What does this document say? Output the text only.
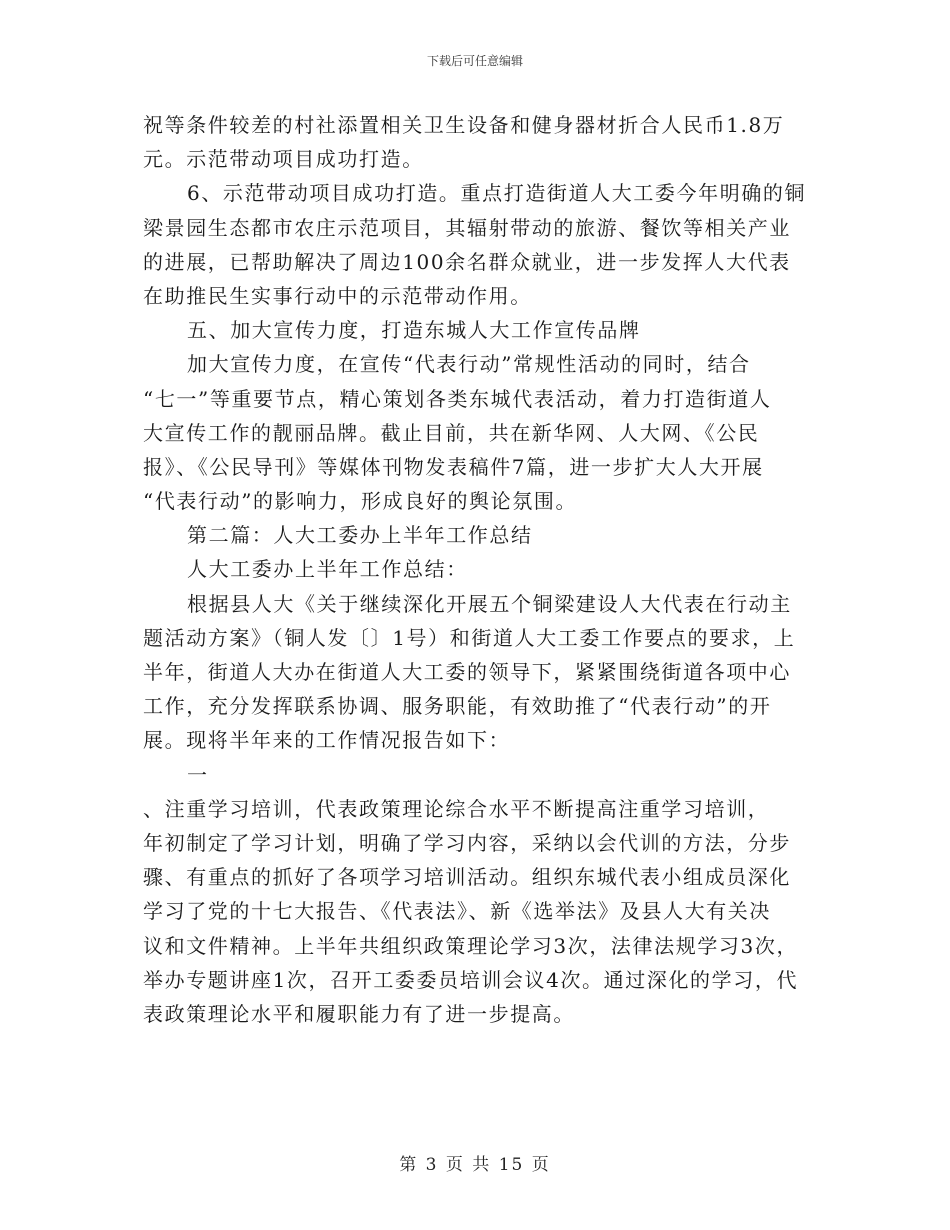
下载后可任意编辑
祝等条件较差的村社添置相关卫生设备和健身器材折合人民币1.8万
元。示范带动项目成功打造。
6、示范带动项目成功打造。重点打造街道人大工委今年明确的铜
梁景园生态都市农庄示范项目，其辐射带动的旅游、餐饮等相关产业
的进展，已帮助解决了周边100余名群众就业，进一步发挥人大代表
在助推民生实事行动中的示范带动作用。
五、加大宣传力度，打造东城人大工作宣传品牌
加大宣传力度，在宣传“代表行动”常规性活动的同时，结合
“七一”等重要节点，精心策划各类东城代表活动，着力打造街道人
大宣传工作的靓丽品牌。截止目前，共在新华网、人大网、《公民
报》、《公民导刊》等媒体刊物发表稿件7篇，进一步扩大人大开展
“代表行动”的影响力，形成良好的舆论氛围。
第二篇：人大工委办上半年工作总结
人大工委办上半年工作总结：
根据县人大《关于继续深化开展五个铜梁建设人大代表在行动主
题活动方案》（铜人发〔〕1号）和街道人大工委工作要点的要求，上
半年，街道人大办在街道人大工委的领导下，紧紧围绕街道各项中心
工作，充分发挥联系协调、服务职能，有效助推了“代表行动”的开
展。现将半年来的工作情况报告如下：
一
、注重学习培训，代表政策理论综合水平不断提高注重学习培训，
年初制定了学习计划，明确了学习内容，采纳以会代训的方法，分步
骤、有重点的抓好了各项学习培训活动。组织东城代表小组成员深化
学习了党的十七大报告、《代表法》、新《选举法》及县人大有关决
议和文件精神。上半年共组织政策理论学习3次，法律法规学习3次，
举办专题讲座1次，召开工委委员培训会议4次。通过深化的学习，代
表政策理论水平和履职能力有了进一步提高。
第 3 页 共 15 页
